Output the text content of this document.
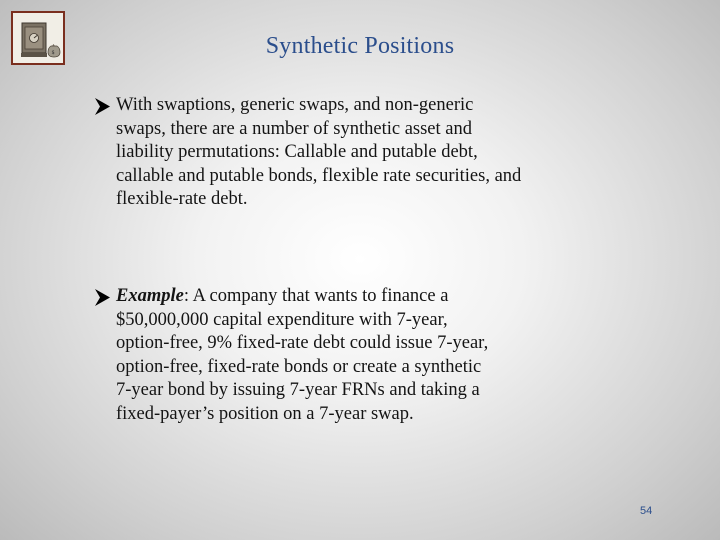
$	Synthetic Positions
With swaptions, generic swaps, and non-generic
swaps, there are a number of synthetic asset and
liability permutations: Callable and putable debt,
callable and putable bonds, flexible rate securities, and
flexible-rate debt.
Example: A company that wants to finance a
$50,000,000 capital expenditure with 7-year,
option-free, 9% fixed-rate debt could issue 7-year,
option-free, fixed-rate bonds or create a synthetic
7-year bond by issuing 7-year FRNs and taking a
fixed-payer’s position on a 7-year swap.
54
